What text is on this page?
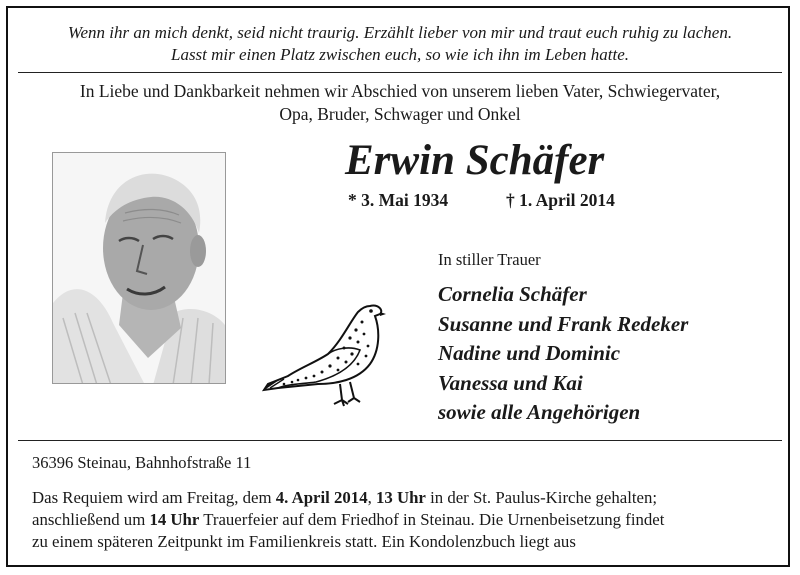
Wenn ihr an mich denkt, seid nicht traurig. Erzählt lieber von mir und traut euch ruhig zu lachen.
Lasst mir einen Platz zwischen euch, so wie ich ihn im Leben hatte.
In Liebe und Dankbarkeit nehmen wir Abschied von unserem lieben Vater, Schwiegervater,
Opa, Bruder, Schwager und Onkel
Erwin Schäfer
* 3. Mai 1934	† 1. April 2014
In stiller Trauer
Cornelia Schäfer
Susanne und Frank Redeker
Nadine und Dominic
Vanessa und Kai
sowie alle Angehörigen
36396 Steinau, Bahnhofstraße 11
Das Requiem wird am Freitag, dem 4. April 2014, 13 Uhr in der St. Paulus-Kirche gehalten;
anschließend um 14 Uhr Trauerfeier auf dem Friedhof in Steinau. Die Urnenbeisetzung findet
zu einem späteren Zeitpunkt im Familienkreis statt. Ein Kondolenzbuch liegt aus
